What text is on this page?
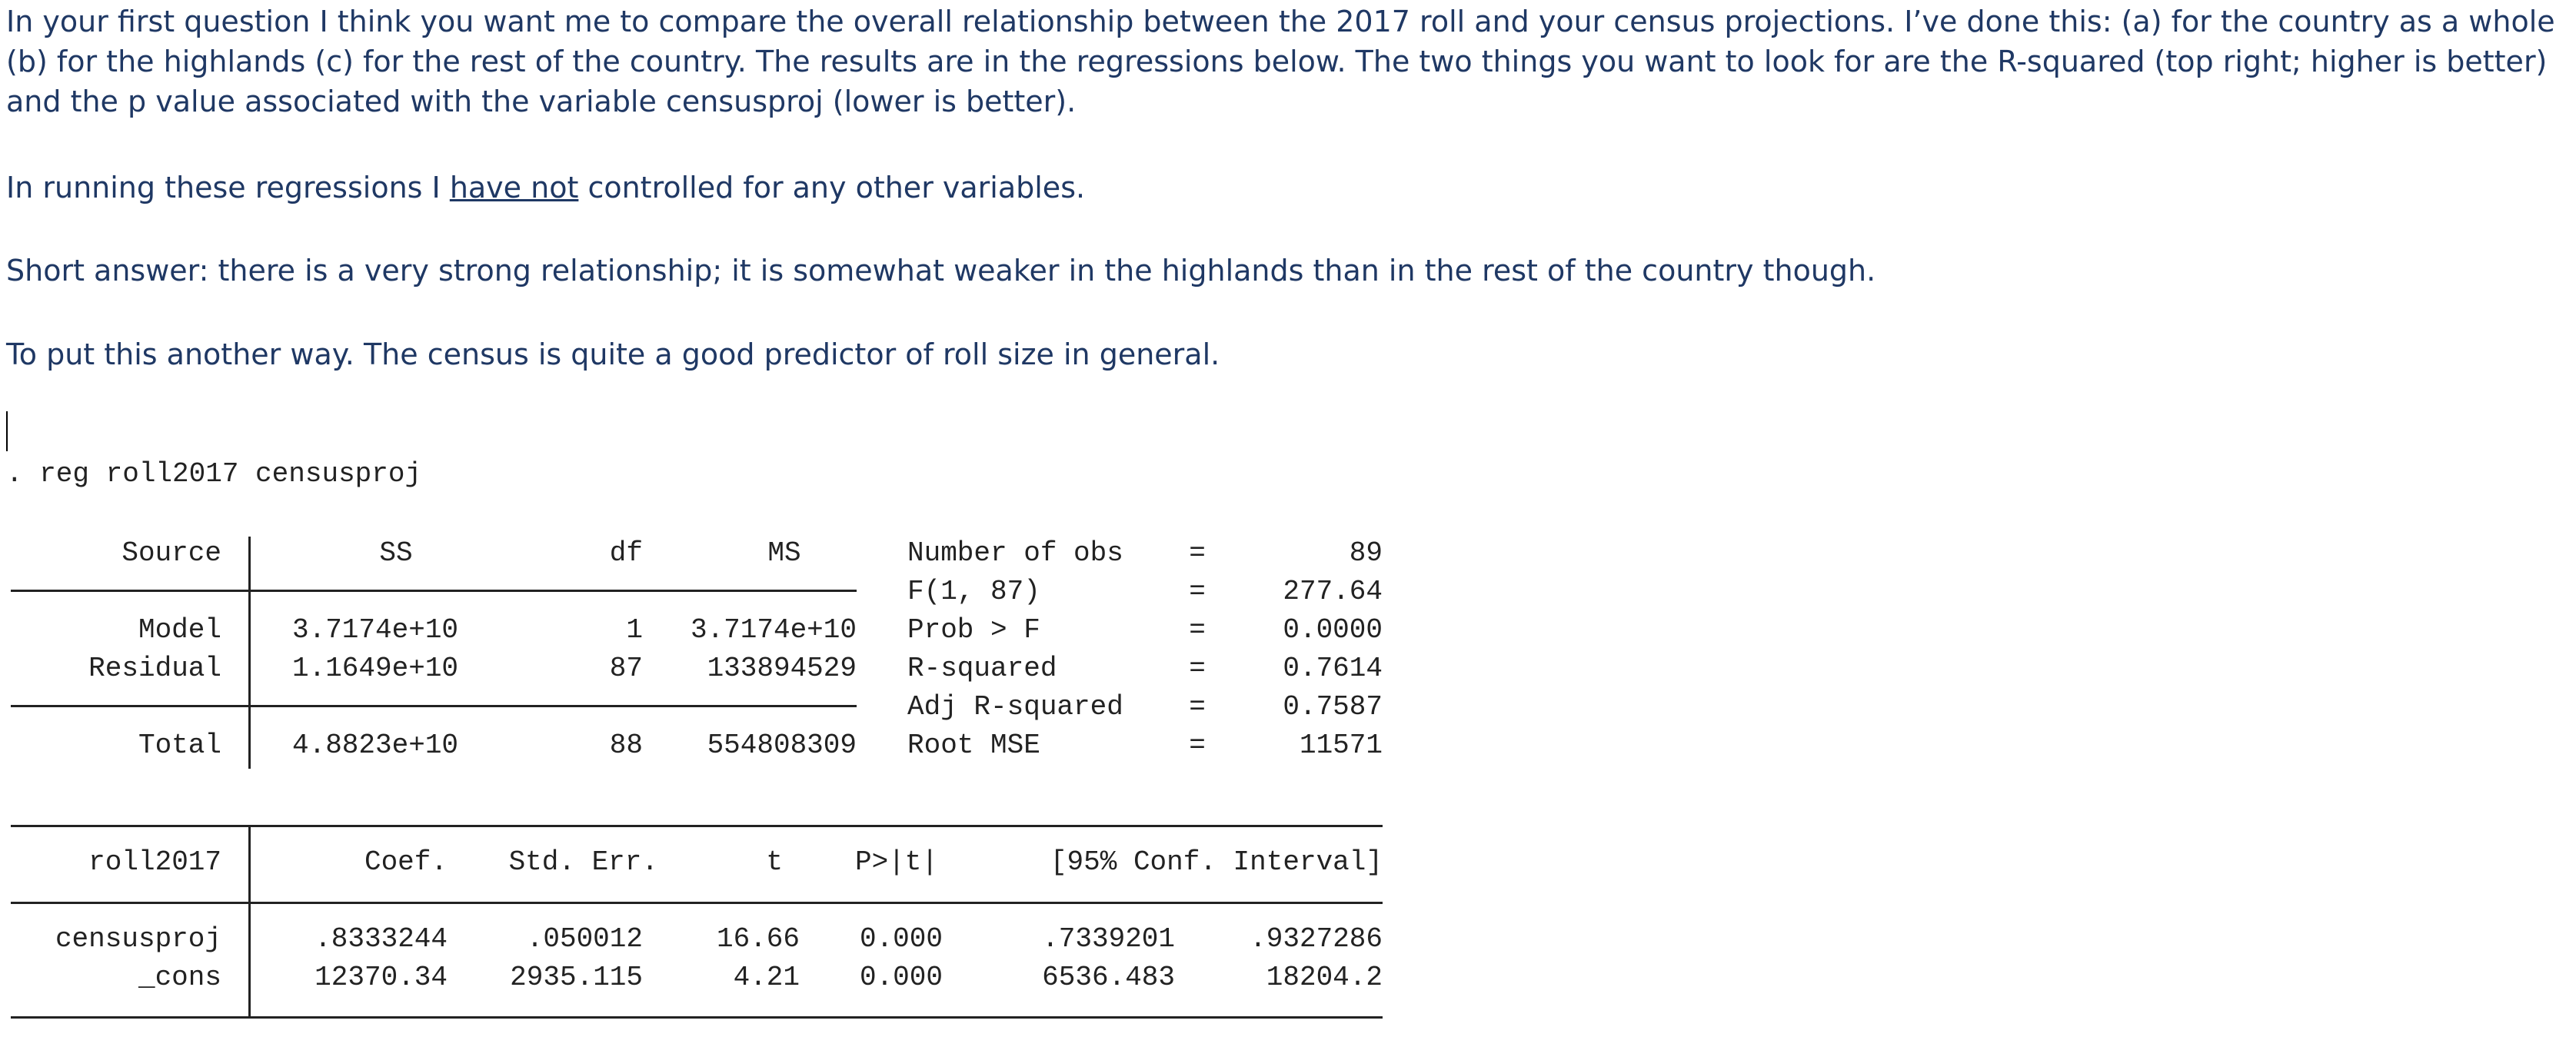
In your first question I think you want me to compare the overall relationship between the 2017 roll and your census projections. I’ve done this: (a) for the country as a whole (b) for the highlands (c) for the rest of the country. The results are in the regressions below. The two things you want to look for are the R-squared (top right; higher is better) and the p value associated with the variable censusproj (lower is better).

In running these regressions I have not controlled for any other variables.

Short answer: there is a very strong relationship; it is somewhat weaker in the highlands than in the rest of the country though.

To put this another way. The census is quite a good predictor of roll size in general.

. reg roll2017 censusproj
Source	SS	df	MS
Model	3.7174e+10	1	3.7174e+10
Residual	1.1649e+10	87	133894529
Total	4.8823e+10	88	554808309
Number of obs	=	89
F(1, 87)	=	277.64
Prob > F	=	0.0000
R-squared	=	0.7614
Adj R-squared	=	0.7587
Root MSE	=	11571
roll2017	Coef.	Std. Err.	t	P>|t|	[95% Conf. Interval]
censusproj	.8333244	.050012	16.66	0.000	.7339201	.9327286
_cons	12370.34	2935.115	4.21	0.000	6536.483	18204.2
